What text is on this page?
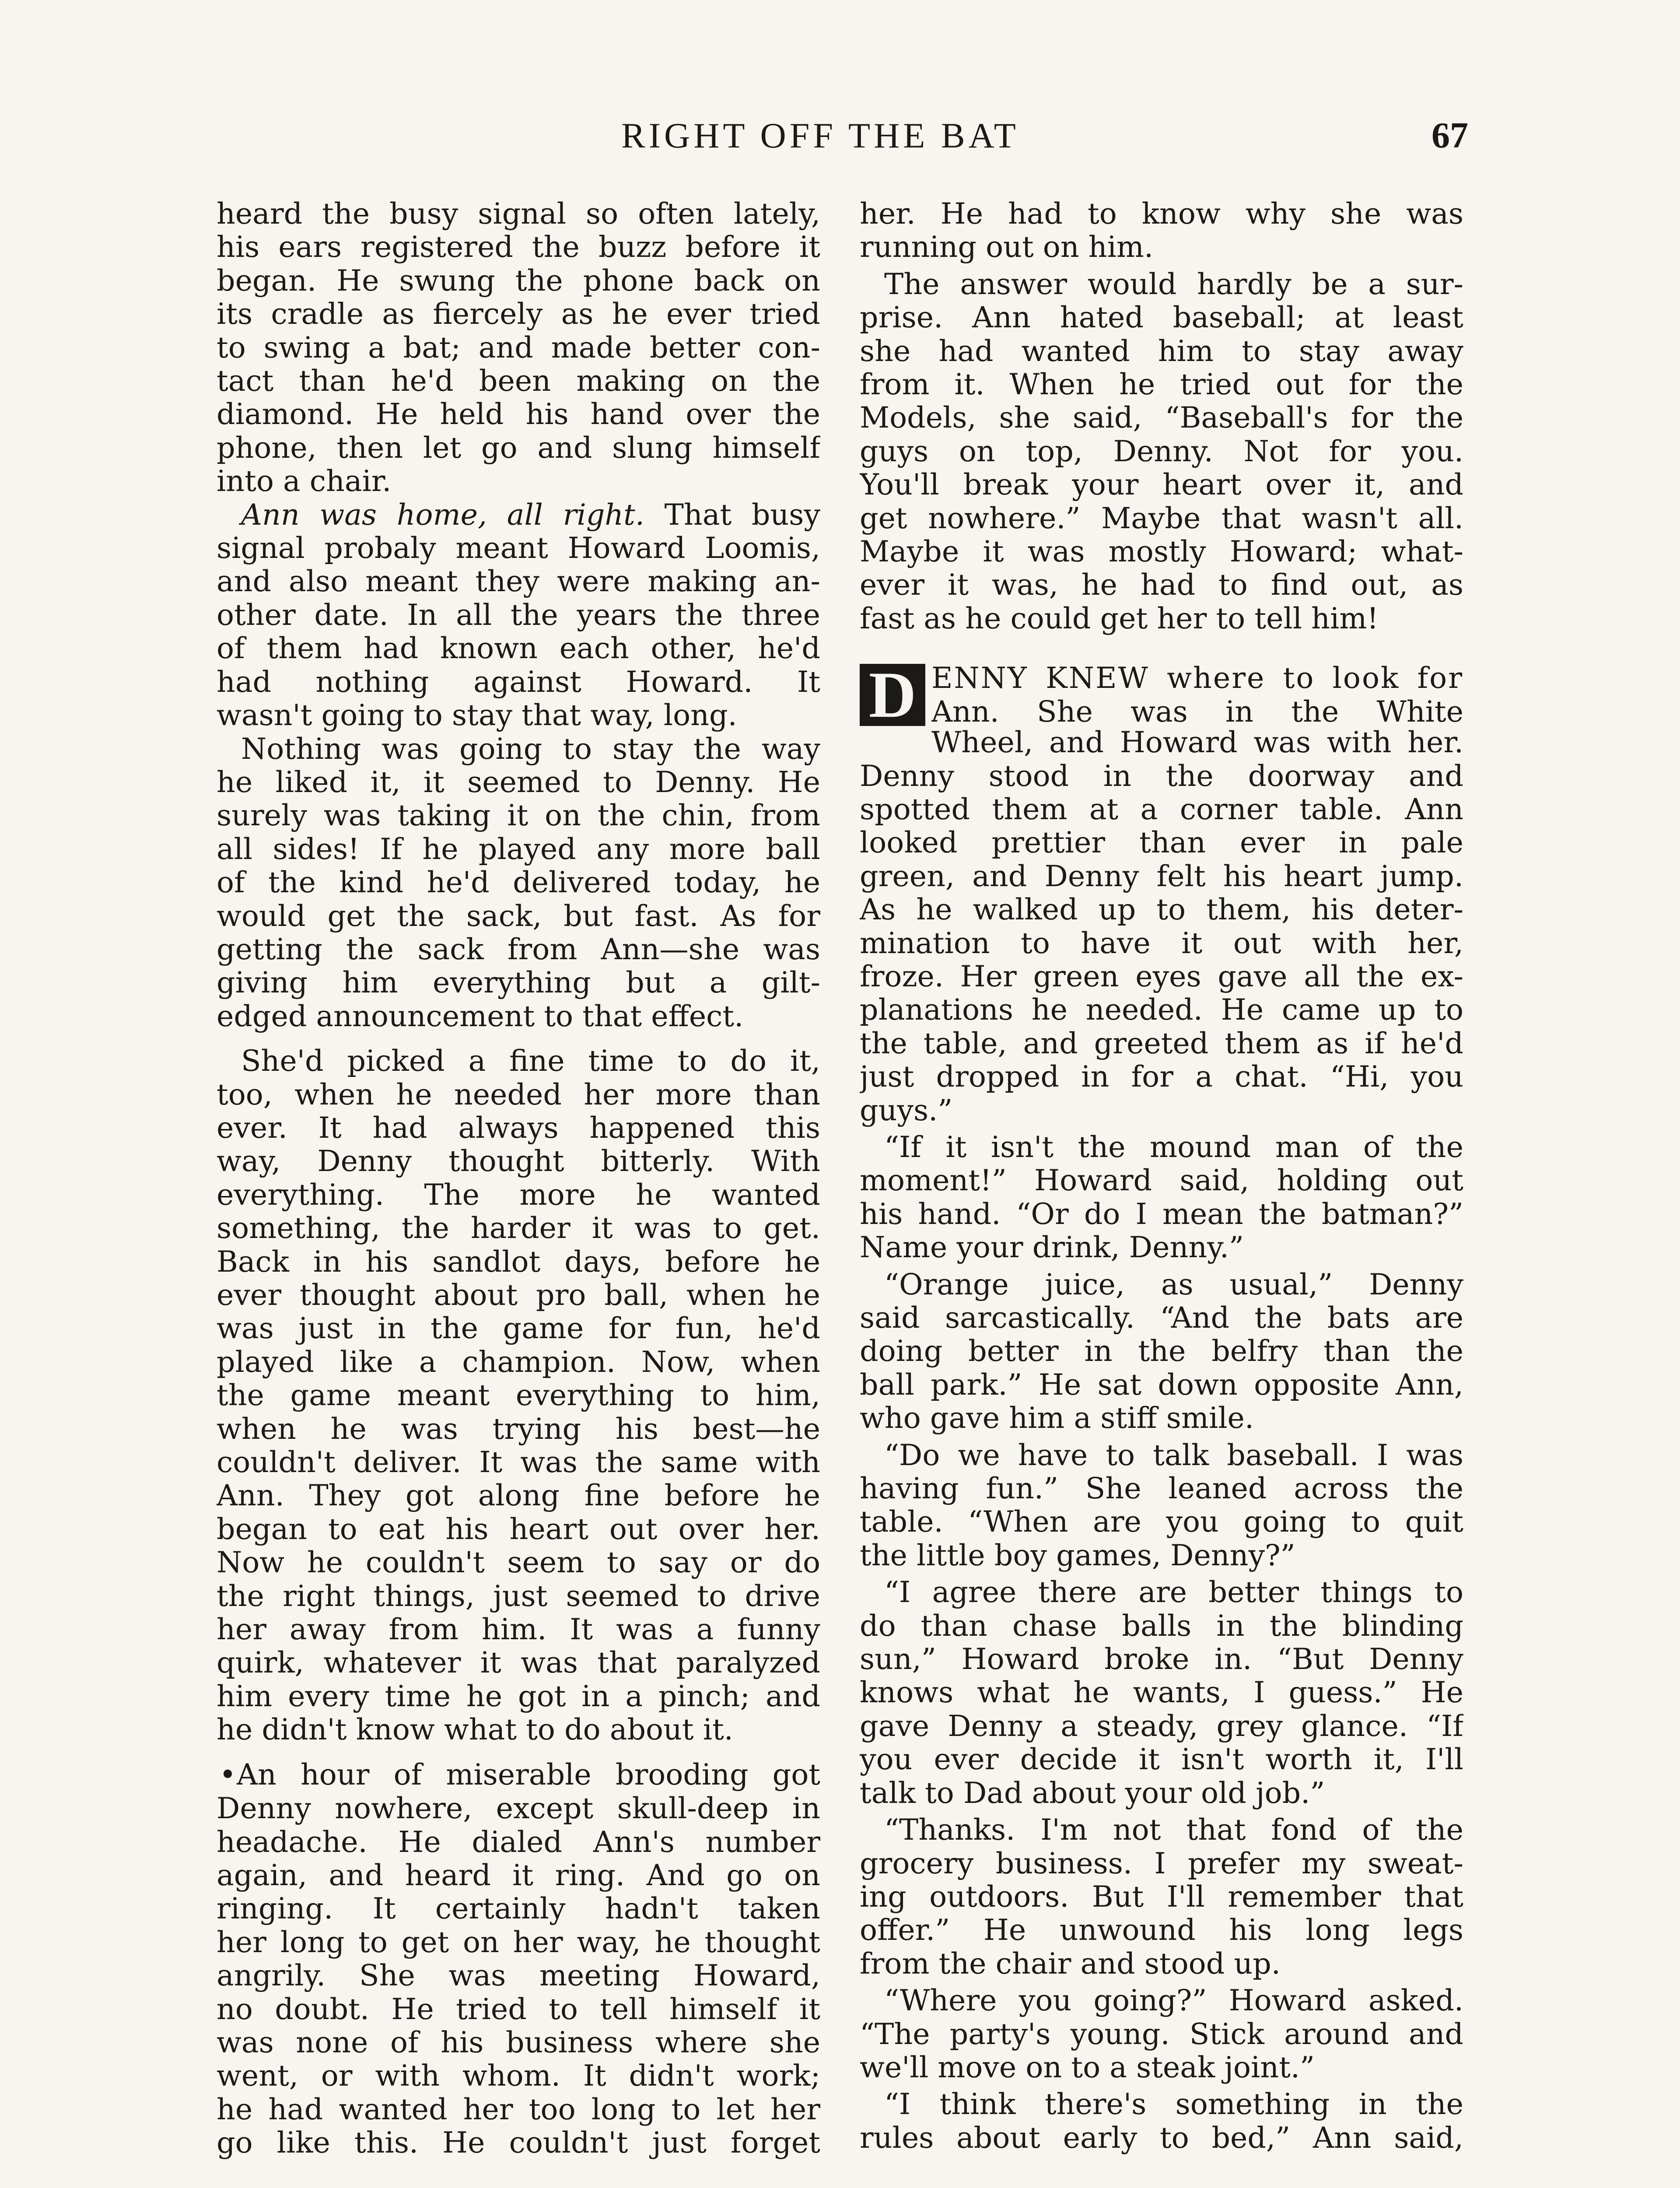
RIGHT OFF THE BAT	67

heard the busy signal so often lately,
his ears registered the buzz before it
began. He swung the phone back on
its cradle as fiercely as he ever tried
to swing a bat; and made better con-
tact than he'd been making on the
diamond. He held his hand over the
phone, then let go and slung himself
into a chair.

Ann was home, all right. That busy
signal probaly meant Howard Loomis,
and also meant they were making an-
other date. In all the years the three
of them had known each other, he'd
had nothing against Howard. It
wasn't going to stay that way, long.

Nothing was going to stay the way
he liked it, it seemed to Denny. He
surely was taking it on the chin, from
all sides! If he played any more ball
of the kind he'd delivered today, he
would get the sack, but fast. As for
getting the sack from Ann—she was
giving him everything but a gilt-
edged announcement to that effect.

She'd picked a fine time to do it,
too, when he needed her more than
ever. It had always happened this
way, Denny thought bitterly. With
everything. The more he wanted
something, the harder it was to get.
Back in his sandlot days, before he
ever thought about pro ball, when he
was just in the game for fun, he'd
played like a champion. Now, when
the game meant everything to him,
when he was trying his best—he
couldn't deliver. It was the same with
Ann. They got along fine before he
began to eat his heart out over her.
Now he couldn't seem to say or do
the right things, just seemed to drive
her away from him. It was a funny
quirk, whatever it was that paralyzed
him every time he got in a pinch; and
he didn't know what to do about it.

•An hour of miserable brooding got
Denny nowhere, except skull-deep in
headache. He dialed Ann's number
again, and heard it ring. And go on
ringing. It certainly hadn't taken
her long to get on her way, he thought
angrily. She was meeting Howard,
no doubt. He tried to tell himself it
was none of his business where she
went, or with whom. It didn't work;
he had wanted her too long to let her
go like this. He couldn't just forget

her. He had to know why she was
running out on him.

The answer would hardly be a sur-
prise. Ann hated baseball; at least
she had wanted him to stay away
from it. When he tried out for the
Models, she said, “Baseball's for the
guys on top, Denny. Not for you.
You'll break your heart over it, and
get nowhere.” Maybe that wasn't all.
Maybe it was mostly Howard; what-
ever it was, he had to find out, as
fast as he could get her to tell him!

D ENNY KNEW where to look for
Ann. She was in the White

Wheel, and Howard was with her.
Denny stood in the doorway and
spotted them at a corner table. Ann
looked prettier than ever in pale
green, and Denny felt his heart jump.
As he walked up to them, his deter-
mination to have it out with her,
froze. Her green eyes gave all the ex-
planations he needed. He came up to
the table, and greeted them as if he'd
just dropped in for a chat. “Hi, you
guys.”

“If it isn't the mound man of the
moment!” Howard said, holding out
his hand. “Or do I mean the batman?”
Name your drink, Denny.”

“Orange juice, as usual,” Denny
said sarcastically. “And the bats are
doing better in the belfry than the
ball park.” He sat down opposite Ann,
who gave him a stiff smile.

“Do we have to talk baseball. I was
having fun.” She leaned across the
table. “When are you going to quit
the little boy games, Denny?”

“I agree there are better things to
do than chase balls in the blinding
sun,” Howard broke in. “But Denny
knows what he wants, I guess.” He
gave Denny a steady, grey glance. “If
you ever decide it isn't worth it, I'll
talk to Dad about your old job.”

“Thanks. I'm not that fond of the
grocery business. I prefer my sweat-
ing outdoors. But I'll remember that
offer.” He unwound his long legs
from the chair and stood up.

“Where you going?” Howard asked.
“The party's young. Stick around and
we'll move on to a steak joint.”

“I think there's something in the
rules about early to bed,” Ann said,
